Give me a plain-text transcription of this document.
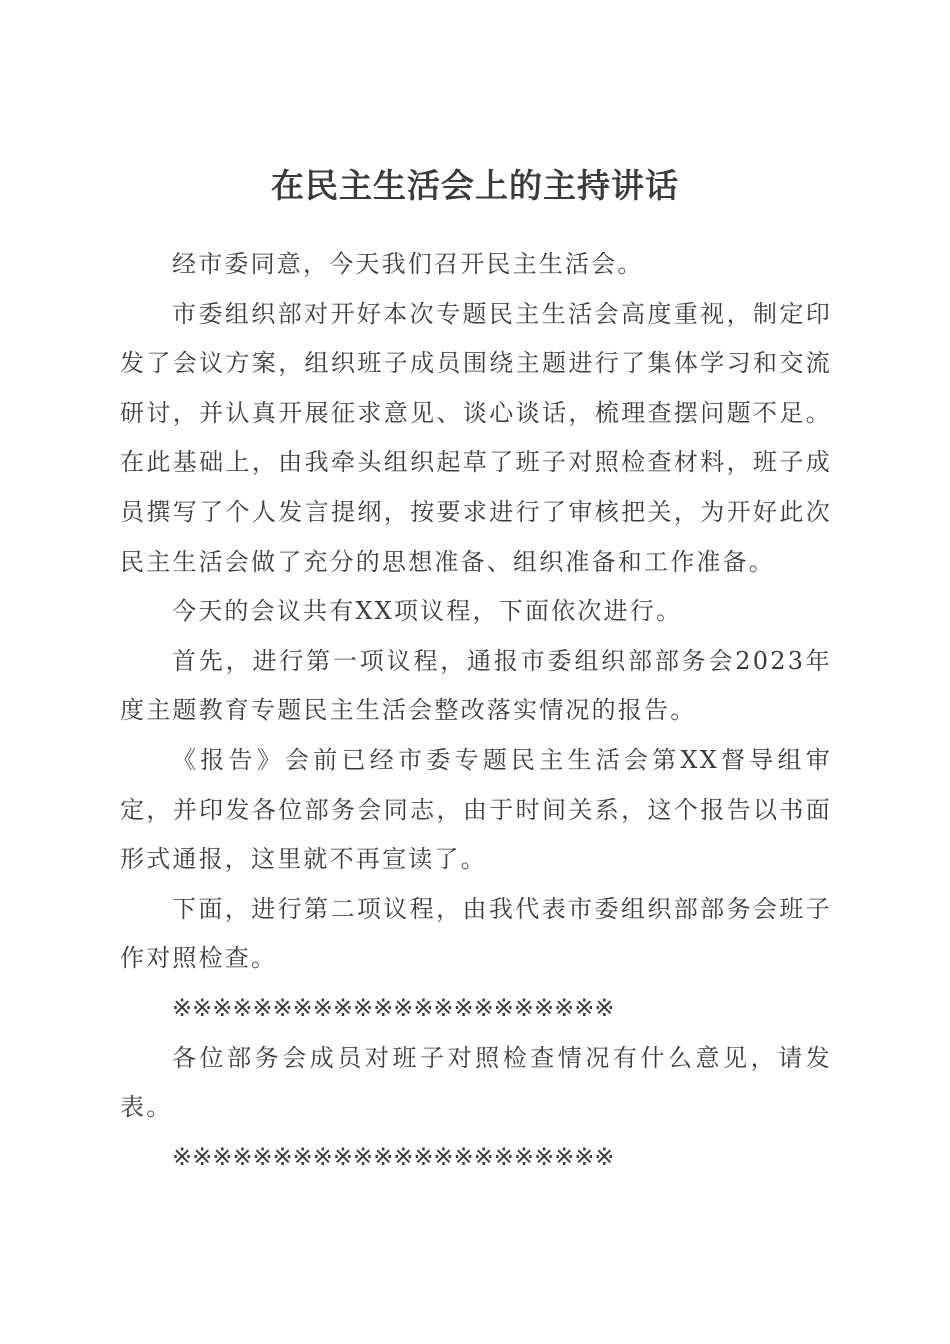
在民主生活会上的主持讲话

经市委同意，今天我们召开民主生活会。

市委组织部对开好本次专题民主生活会高度重视，制定印发了会议方案，组织班子成员围绕主题进行了集体学习和交流研讨，并认真开展征求意见、谈心谈话，梳理查摆问题不足。在此基础上，由我牵头组织起草了班子对照检查材料，班子成员撰写了个人发言提纲，按要求进行了审核把关，为开好此次民主生活会做了充分的思想准备、组织准备和工作准备。

今天的会议共有XX项议程，下面依次进行。

首先，进行第一项议程，通报市委组织部部务会2023年度主题教育专题民主生活会整改落实情况的报告。

《报告》会前已经市委专题民主生活会第XX督导组审定，并印发各位部务会同志，由于时间关系，这个报告以书面形式通报，这里就不再宣读了。

下面，进行第二项议程，由我代表市委组织部部务会班子作对照检查。

※※※※※※※※※※※※※※※※※※※※※※

各位部务会成员对班子对照检查情况有什么意见，请发表。

※※※※※※※※※※※※※※※※※※※※※※
